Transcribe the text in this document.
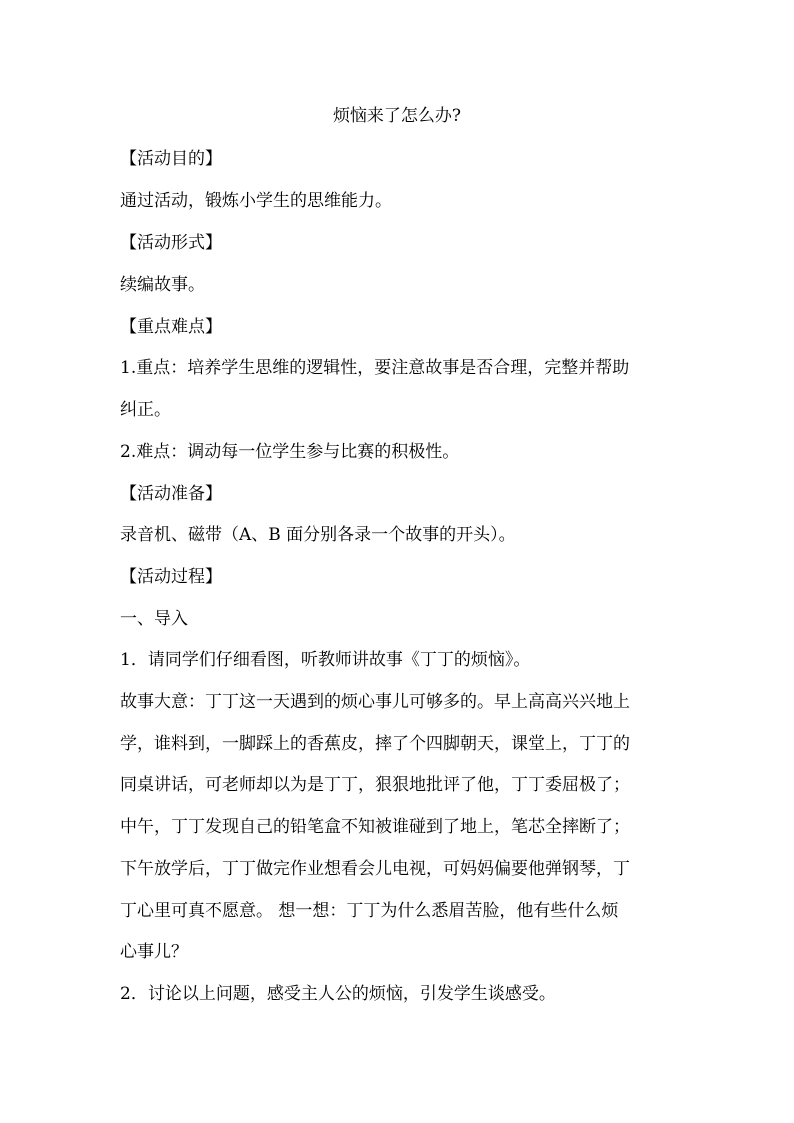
烦恼来了怎么办?
【活动目的】
通过活动，锻炼小学生的思维能力。
【活动形式】
续编故事。
【重点难点】
1.重点：培养学生思维的逻辑性，要注意故事是否合理，完整并帮助
纠正。
2.难点：调动每一位学生参与比赛的积极性。
【活动准备】
录音机、磁带（A、B 面分别各录一个故事的开头）。
【活动过程】
一、导入
1．请同学们仔细看图，听教师讲故事《丁丁的烦恼》。
故事大意：丁丁这一天遇到的烦心事儿可够多的。早上高高兴兴地上
学，谁料到，一脚踩上的香蕉皮，摔了个四脚朝天，课堂上，丁丁的
同桌讲话，可老师却以为是丁丁，狠狠地批评了他，丁丁委屈极了；
中午，丁丁发现自己的铅笔盒不知被谁碰到了地上，笔芯全摔断了；
下午放学后，丁丁做完作业想看会儿电视，可妈妈偏要他弹钢琴，丁
丁心里可真不愿意。 想一想：丁丁为什么悉眉苦脸，他有些什么烦
心事儿？
2．讨论以上问题，感受主人公的烦恼，引发学生谈感受。
